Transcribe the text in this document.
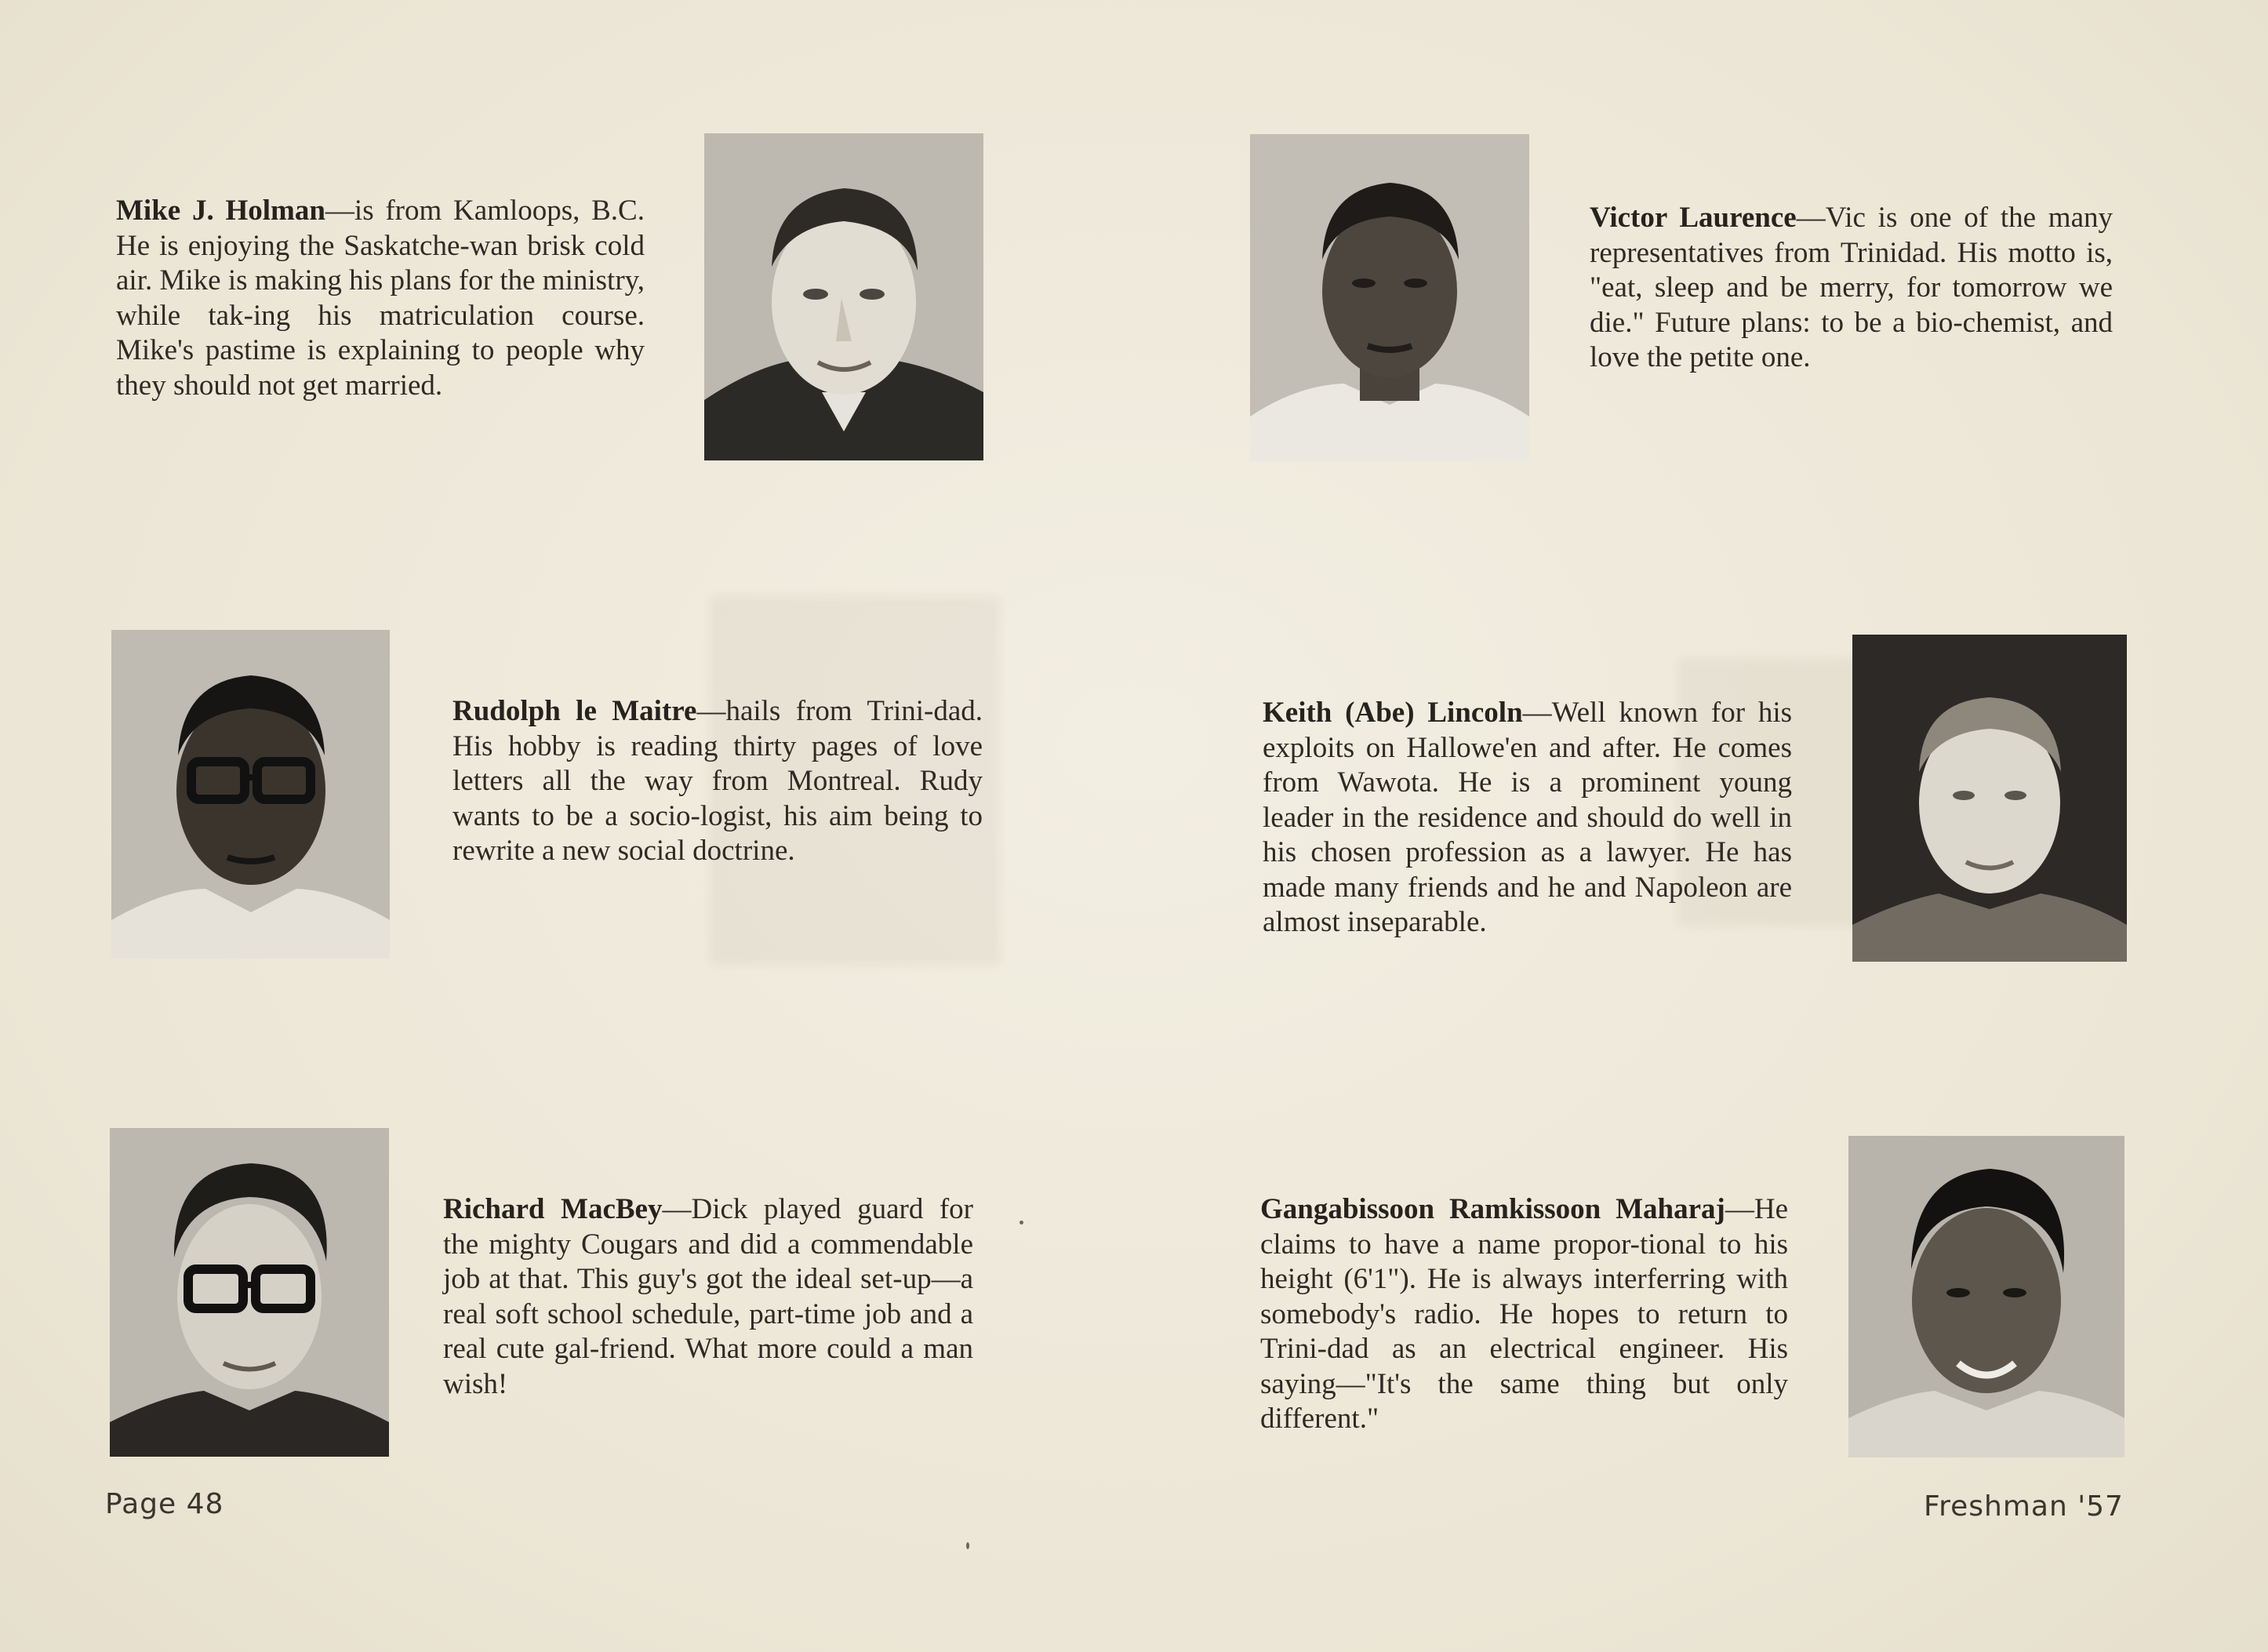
Mike J. Holman—is from Kamloops, B.C. He is enjoying the Saskatche-wan brisk cold air. Mike is making his plans for the ministry, while tak-ing his matriculation course. Mike's pastime is explaining to people why they should not get married.
Victor Laurence—Vic is one of the many representatives from Trinidad. His motto is, "eat, sleep and be merry, for tomorrow we die." Future plans: to be a bio-chemist, and love the petite one.
Rudolph le Maitre—hails from Trini-dad. His hobby is reading thirty pages of love letters all the way from Montreal. Rudy wants to be a socio-logist, his aim being to rewrite a new social doctrine.
Keith (Abe) Lincoln—Well known for his exploits on Hallowe'en and after. He comes from Wawota. He is a prominent young leader in the residence and should do well in his chosen profession as a lawyer. He has made many friends and he and Napoleon are almost inseparable.
Richard MacBey—Dick played guard for the mighty Cougars and did a commendable job at that. This guy's got the ideal set-up—a real soft school schedule, part-time job and a real cute gal-friend. What more could a man wish!
Gangabissoon Ramkissoon Maharaj—He claims to have a name propor-tional to his height (6'1"). He is always interferring with somebody's radio. He hopes to return to Trini-dad as an electrical engineer. His saying—"It's the same thing but only different."
Page 48	Freshman '57
